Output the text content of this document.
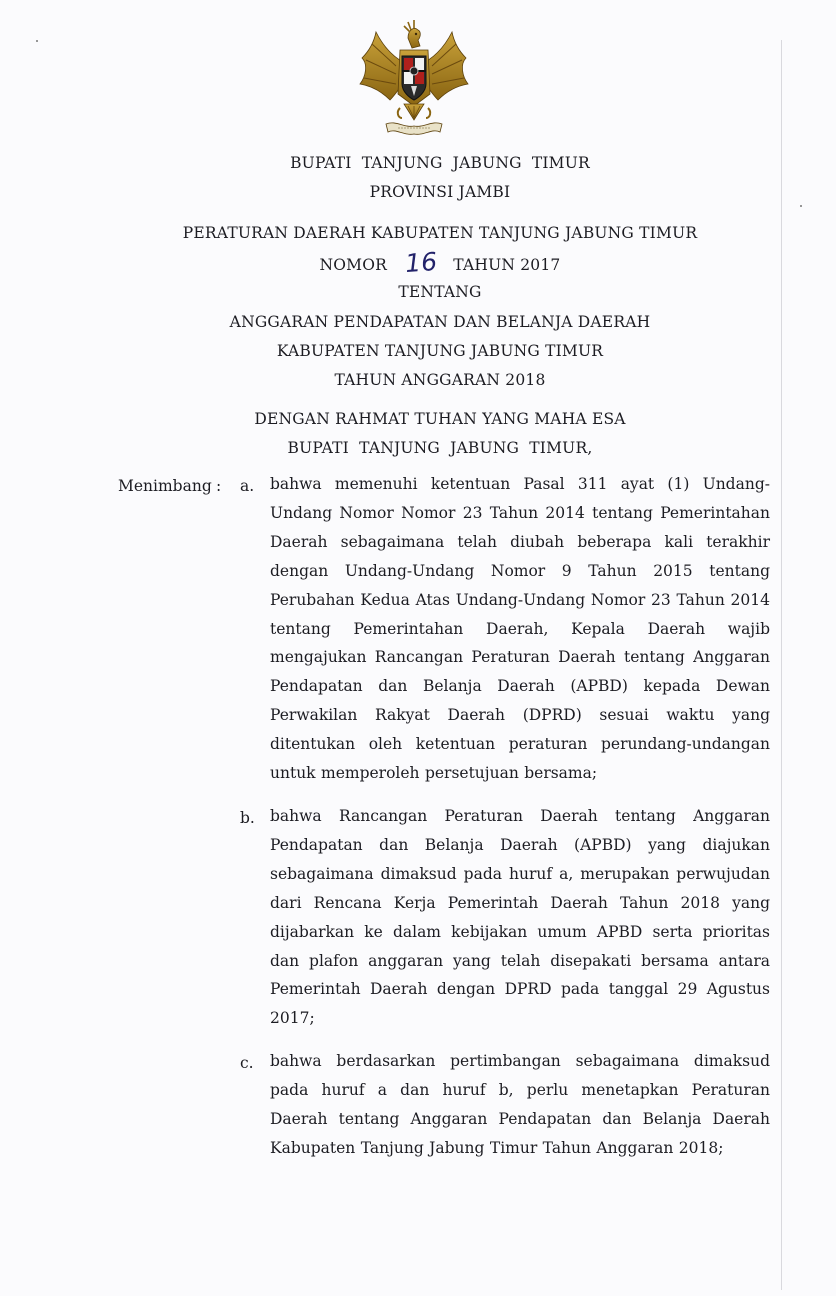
BUPATI TANJUNG JABUNG TIMUR
PROVINSI JAMBI
PERATURAN DAERAH KABUPATEN TANJUNG JABUNG TIMUR
NOMOR 16 TAHUN 2017
TENTANG
ANGGARAN PENDAPATAN DAN BELANJA DAERAH
KABUPATEN TANJUNG JABUNG TIMUR
TAHUN ANGGARAN 2018
DENGAN RAHMAT TUHAN YANG MAHA ESA
BUPATI TANJUNG JABUNG TIMUR,
Menimbang : a. bahwa memenuhi ketentuan Pasal 311 ayat (1) Undang-Undang Nomor Nomor 23 Tahun 2014 tentang Pemerintahan Daerah sebagaimana telah diubah beberapa kali terakhir dengan Undang-Undang Nomor 9 Tahun 2015 tentang Perubahan Kedua Atas Undang-Undang Nomor 23 Tahun 2014 tentang Pemerintahan Daerah, Kepala Daerah wajib mengajukan Rancangan Peraturan Daerah tentang Anggaran Pendapatan dan Belanja Daerah (APBD) kepada Dewan Perwakilan Rakyat Daerah (DPRD) sesuai waktu yang ditentukan oleh ketentuan peraturan perundang-undangan untuk memperoleh persetujuan bersama;
b. bahwa Rancangan Peraturan Daerah tentang Anggaran Pendapatan dan Belanja Daerah (APBD) yang diajukan sebagaimana dimaksud pada huruf a, merupakan perwujudan dari Rencana Kerja Pemerintah Daerah Tahun 2018 yang dijabarkan ke dalam kebijakan umum APBD serta prioritas dan plafon anggaran yang telah disepakati bersama antara Pemerintah Daerah dengan DPRD pada tanggal 29 Agustus 2017;
c. bahwa berdasarkan pertimbangan sebagaimana dimaksud pada huruf a dan huruf b, perlu menetapkan Peraturan Daerah tentang Anggaran Pendapatan dan Belanja Daerah Kabupaten Tanjung Jabung Timur Tahun Anggaran 2018;
